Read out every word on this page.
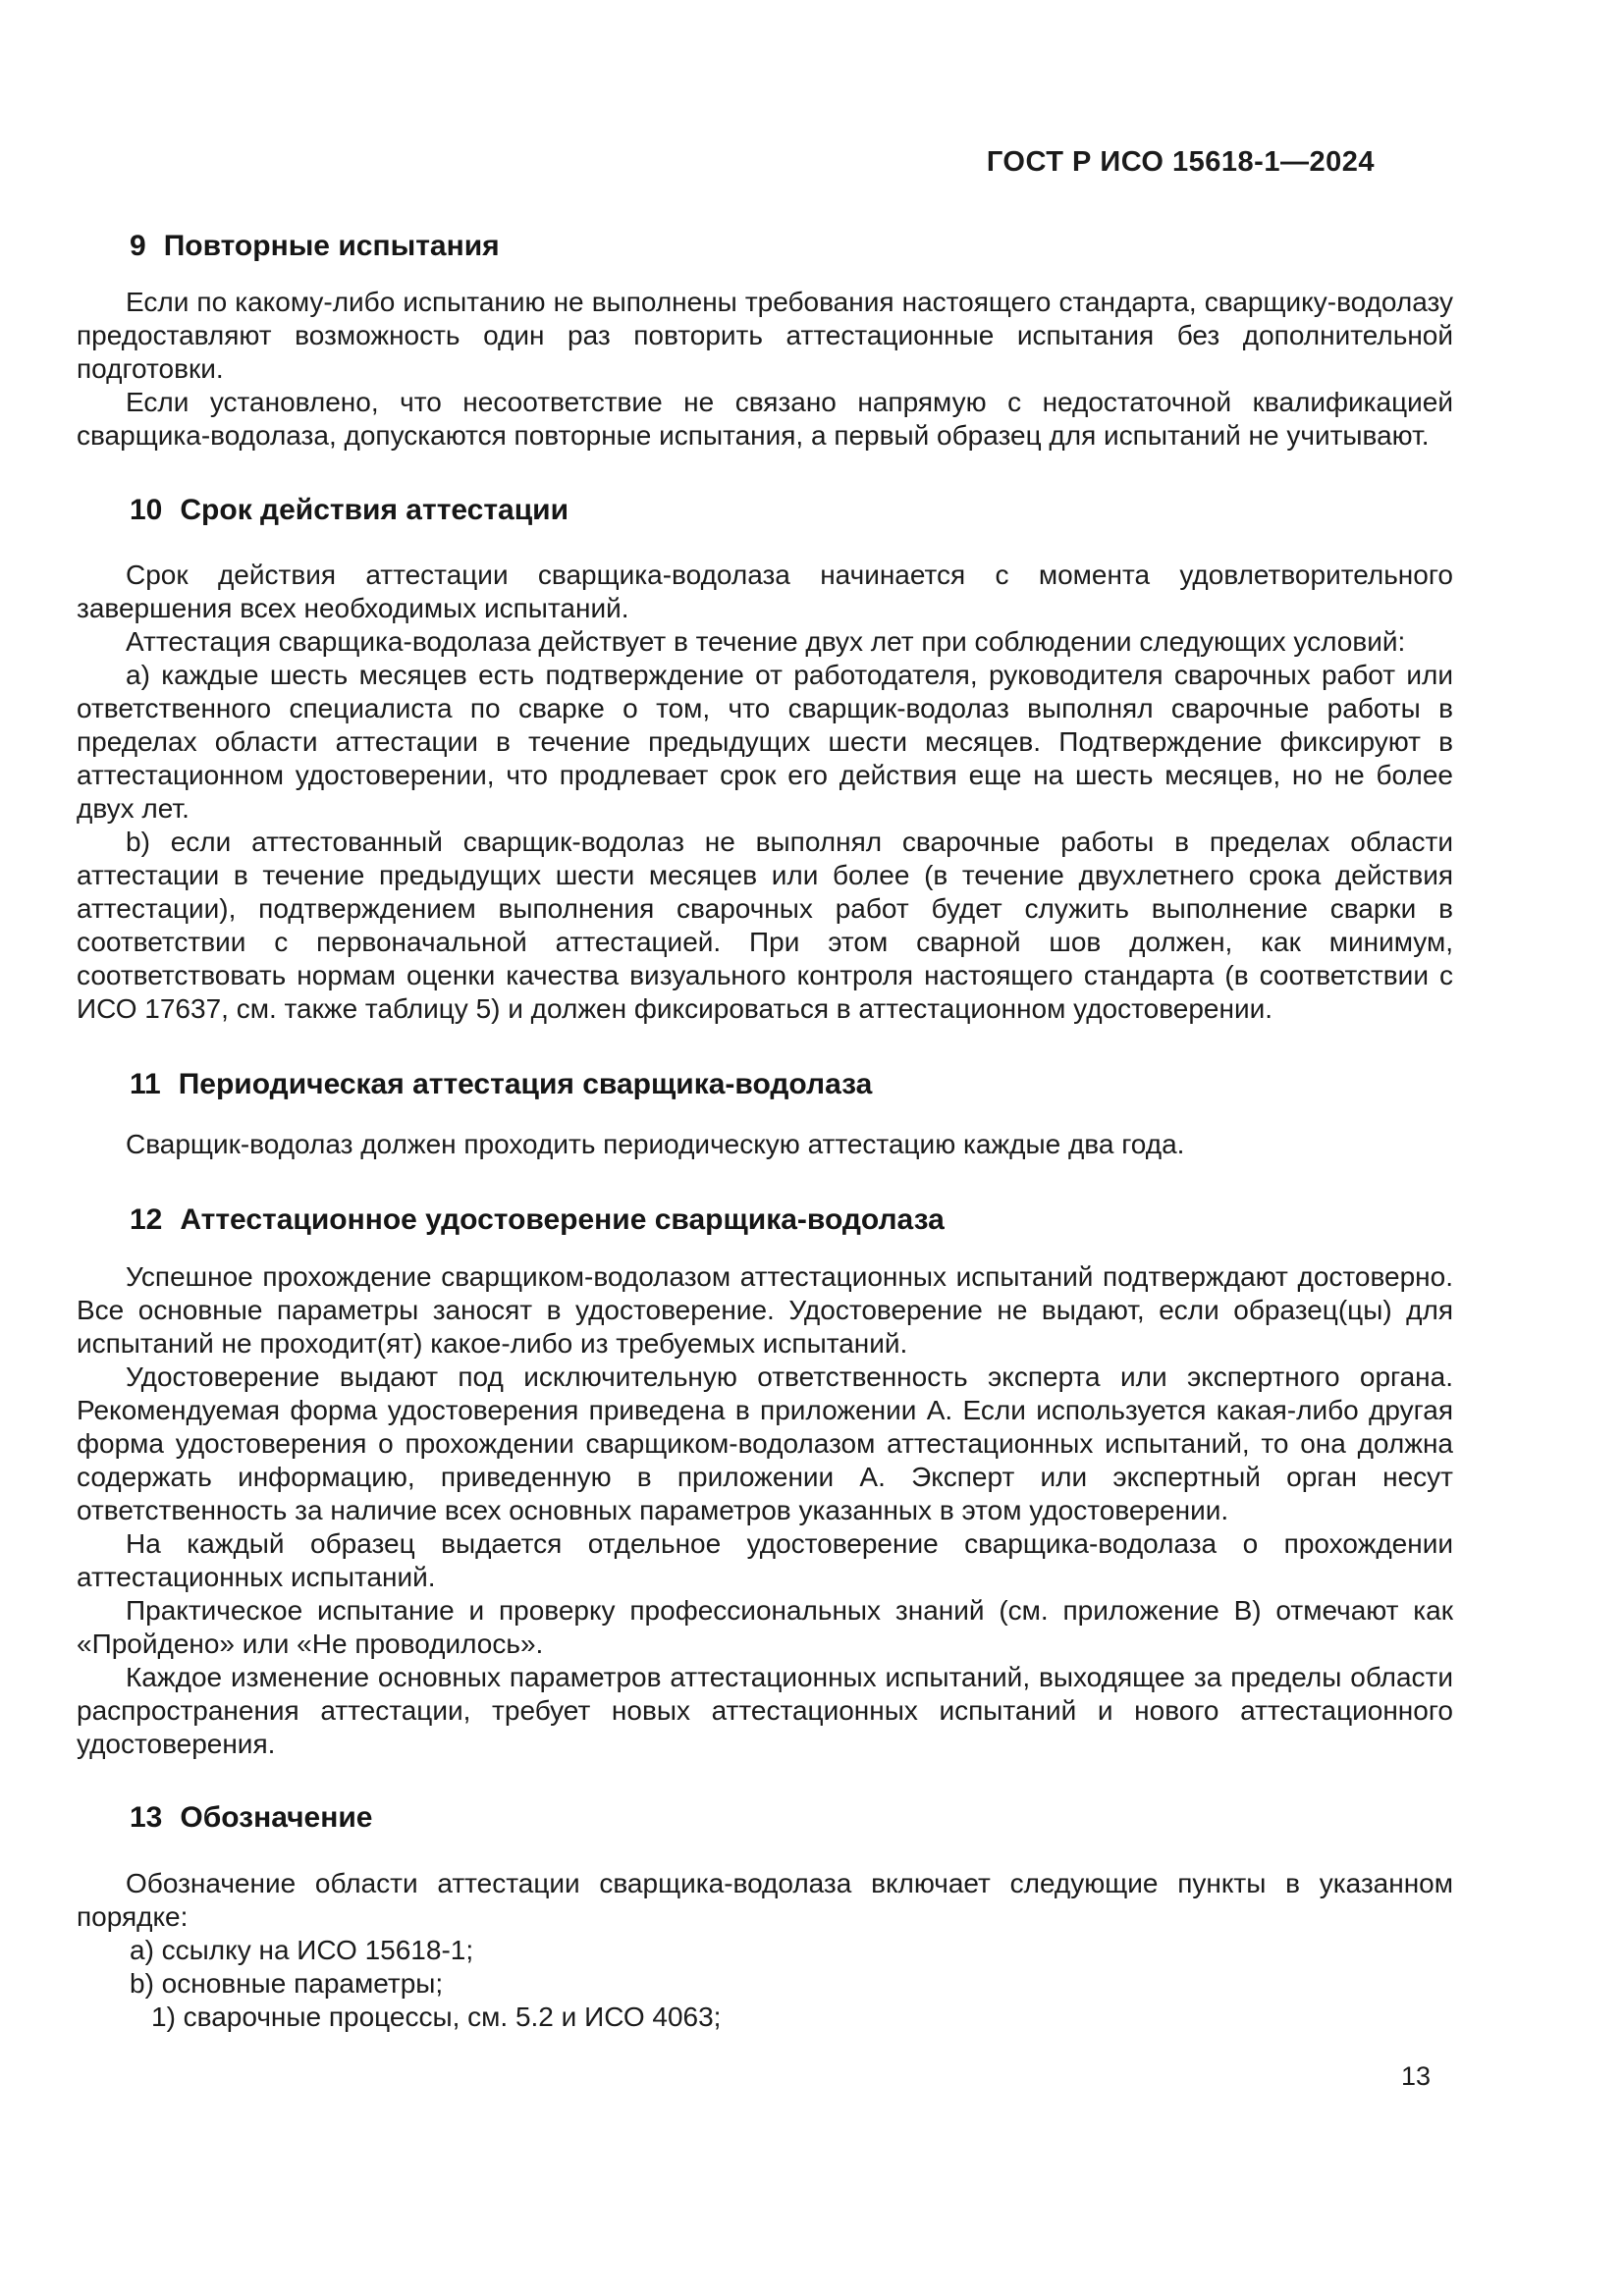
ГОСТ Р ИСО 15618-1—2024
9 Повторные испытания

Если по какому-либо испытанию не выполнены требования настоящего стандарта, сварщику-водолазу предоставляют возможность один раз повторить аттестационные испытания без дополнительной подготовки.

Если установлено, что несоответствие не связано напрямую с недостаточной квалификацией сварщика-водолаза, допускаются повторные испытания, а первый образец для испытаний не учитывают.

10 Срок действия аттестации

Срок действия аттестации сварщика-водолаза начинается с момента удовлетворительного завершения всех необходимых испытаний.

Аттестация сварщика-водолаза действует в течение двух лет при соблюдении следующих условий:

a) каждые шесть месяцев есть подтверждение от работодателя, руководителя сварочных работ или ответственного специалиста по сварке о том, что сварщик-водолаз выполнял сварочные работы в пределах области аттестации в течение предыдущих шести месяцев. Подтверждение фиксируют в аттестационном удостоверении, что продлевает срок его действия еще на шесть месяцев, но не более двух лет.

b) если аттестованный сварщик-водолаз не выполнял сварочные работы в пределах области аттестации в течение предыдущих шести месяцев или более (в течение двухлетнего срока действия аттестации), подтверждением выполнения сварочных работ будет служить выполнение сварки в соответствии с первоначальной аттестацией. При этом сварной шов должен, как минимум, соответствовать нормам оценки качества визуального контроля настоящего стандарта (в соответствии с ИСО 17637, см. также таблицу 5) и должен фиксироваться в аттестационном удостоверении.

11 Периодическая аттестация сварщика-водолаза

Сварщик-водолаз должен проходить периодическую аттестацию каждые два года.

12 Аттестационное удостоверение сварщика-водолаза

Успешное прохождение сварщиком-водолазом аттестационных испытаний подтверждают достоверно. Все основные параметры заносят в удостоверение. Удостоверение не выдают, если образец(цы) для испытаний не проходит(ят) какое-либо из требуемых испытаний.

Удостоверение выдают под исключительную ответственность эксперта или экспертного органа. Рекомендуемая форма удостоверения приведена в приложении А. Если используется какая-либо другая форма удостоверения о прохождении сварщиком-водолазом аттестационных испытаний, то она должна содержать информацию, приведенную в приложении А. Эксперт или экспертный орган несут ответственность за наличие всех основных параметров указанных в этом удостоверении.

На каждый образец выдается отдельное удостоверение сварщика-водолаза о прохождении аттестационных испытаний.

Практическое испытание и проверку профессиональных знаний (см. приложение B) отмечают как «Пройдено» или «Не проводилось».

Каждое изменение основных параметров аттестационных испытаний, выходящее за пределы области распространения аттестации, требует новых аттестационных испытаний и нового аттестационного удостоверения.

13 Обозначение

Обозначение области аттестации сварщика-водолаза включает следующие пункты в указанном порядке:

a) ссылку на ИСО 15618-1;

b) основные параметры;

1) сварочные процессы, см. 5.2 и ИСО 4063;

13
